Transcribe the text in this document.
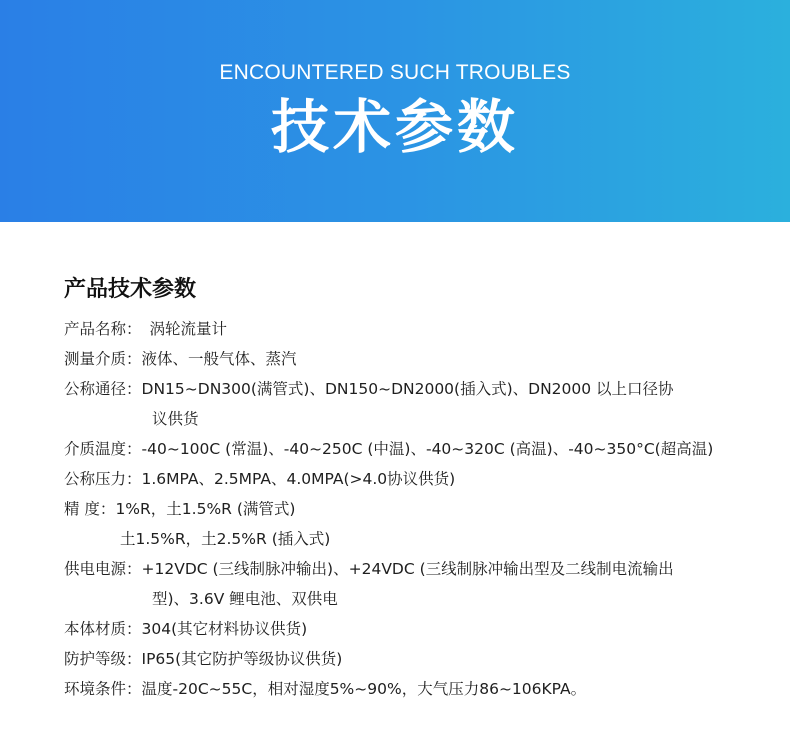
ENCOUNTERED SUCH TROUBLES
技术参数
产品技术参数
产品名称： 涡轮流量计
测量介质： 液体、一般气体、蒸汽
公称通径： DN15~DN300(满管式)、DN150~DN2000(插入式)、DN2000 以上口径协
议供货
介质温度： -40~100C (常温)、-40~250C (中温)、-40~320C (高温)、-40~350°C(超高温)
公称压力： 1.6MPA、2.5MPA、4.0MPA(>4.0协议供货)
精 度： 1%R，土1.5%R (满管式)
土1.5%R，土2.5%R (插入式)
供电电源： +12VDC (三线制脉冲输出)、+24VDC (三线制脉冲输出型及二线制电流输出
型)、3.6V 鲤电池、双供电
本体材质： 304(其它材料协议供货)
防护等级： IP65(其它防护等级协议供货)
环境条件： 温度-20C~55C，相对湿度5%~90%，大气压力86~106KPA。
